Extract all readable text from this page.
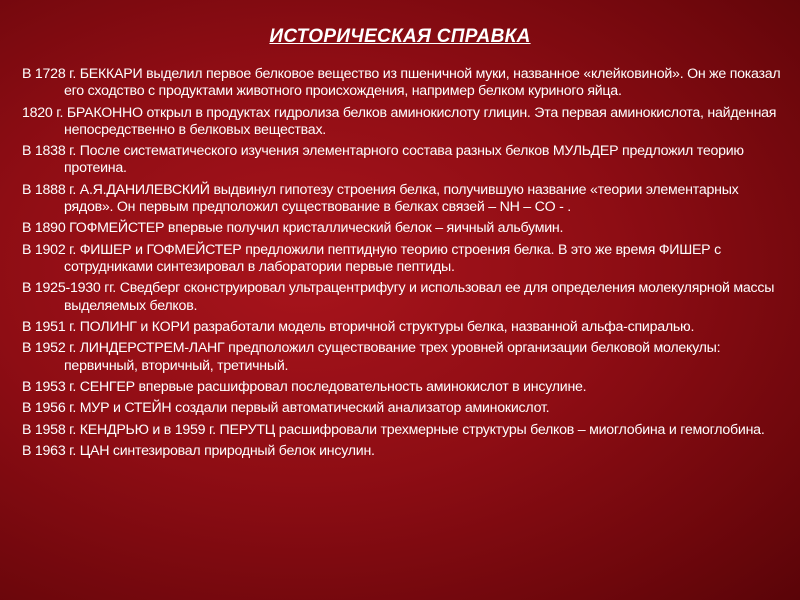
ИСТОРИЧЕСКАЯ СПРАВКА
В 1728 г. БЕККАРИ выделил первое белковое вещество из пшеничной муки, названное «клейковиной». Он же показал его сходство с продуктами животного происхождения, например белком куриного яйца.
1820 г. БРАКОННО открыл в продуктах гидролиза белков аминокислоту глицин. Эта первая аминокислота, найденная непосредственно в белковых веществах.
В 1838 г. После систематического изучения элементарного состава разных белков МУЛЬДЕР предложил теорию протеина.
В 1888 г. А.Я.ДАНИЛЕВСКИЙ выдвинул гипотезу строения белка, получившую название «теории элементарных рядов». Он первым предположил существование в белках связей – NH – CO - .
В 1890 ГОФМЕЙСТЕР впервые получил кристаллический белок – яичный альбумин.
В 1902 г. ФИШЕР и ГОФМЕЙСТЕР предложили пептидную теорию строения белка. В это же время ФИШЕР с сотрудниками синтезировал в лаборатории первые пептиды.
В 1925-1930 гг. Сведберг сконструировал ультрацентрифугу и использовал ее для определения молекулярной массы выделяемых белков.
В 1951 г. ПОЛИНГ и КОРИ разработали модель вторичной структуры белка, названной альфа-спиралью.
В 1952 г. ЛИНДЕРСТРЕМ-ЛАНГ предположил существование трех уровней организации белковой молекулы: первичный, вторичный, третичный.
В 1953 г. СЕНГЕР впервые расшифровал последовательность аминокислот в инсулине.
В 1956 г. МУР и СТЕЙН создали первый автоматический анализатор аминокислот.
В 1958 г. КЕНДРЬЮ и в 1959 г. ПЕРУТЦ расшифровали трехмерные структуры белков – миоглобина и гемоглобина.
В 1963 г. ЦАН синтезировал природный белок инсулин.
